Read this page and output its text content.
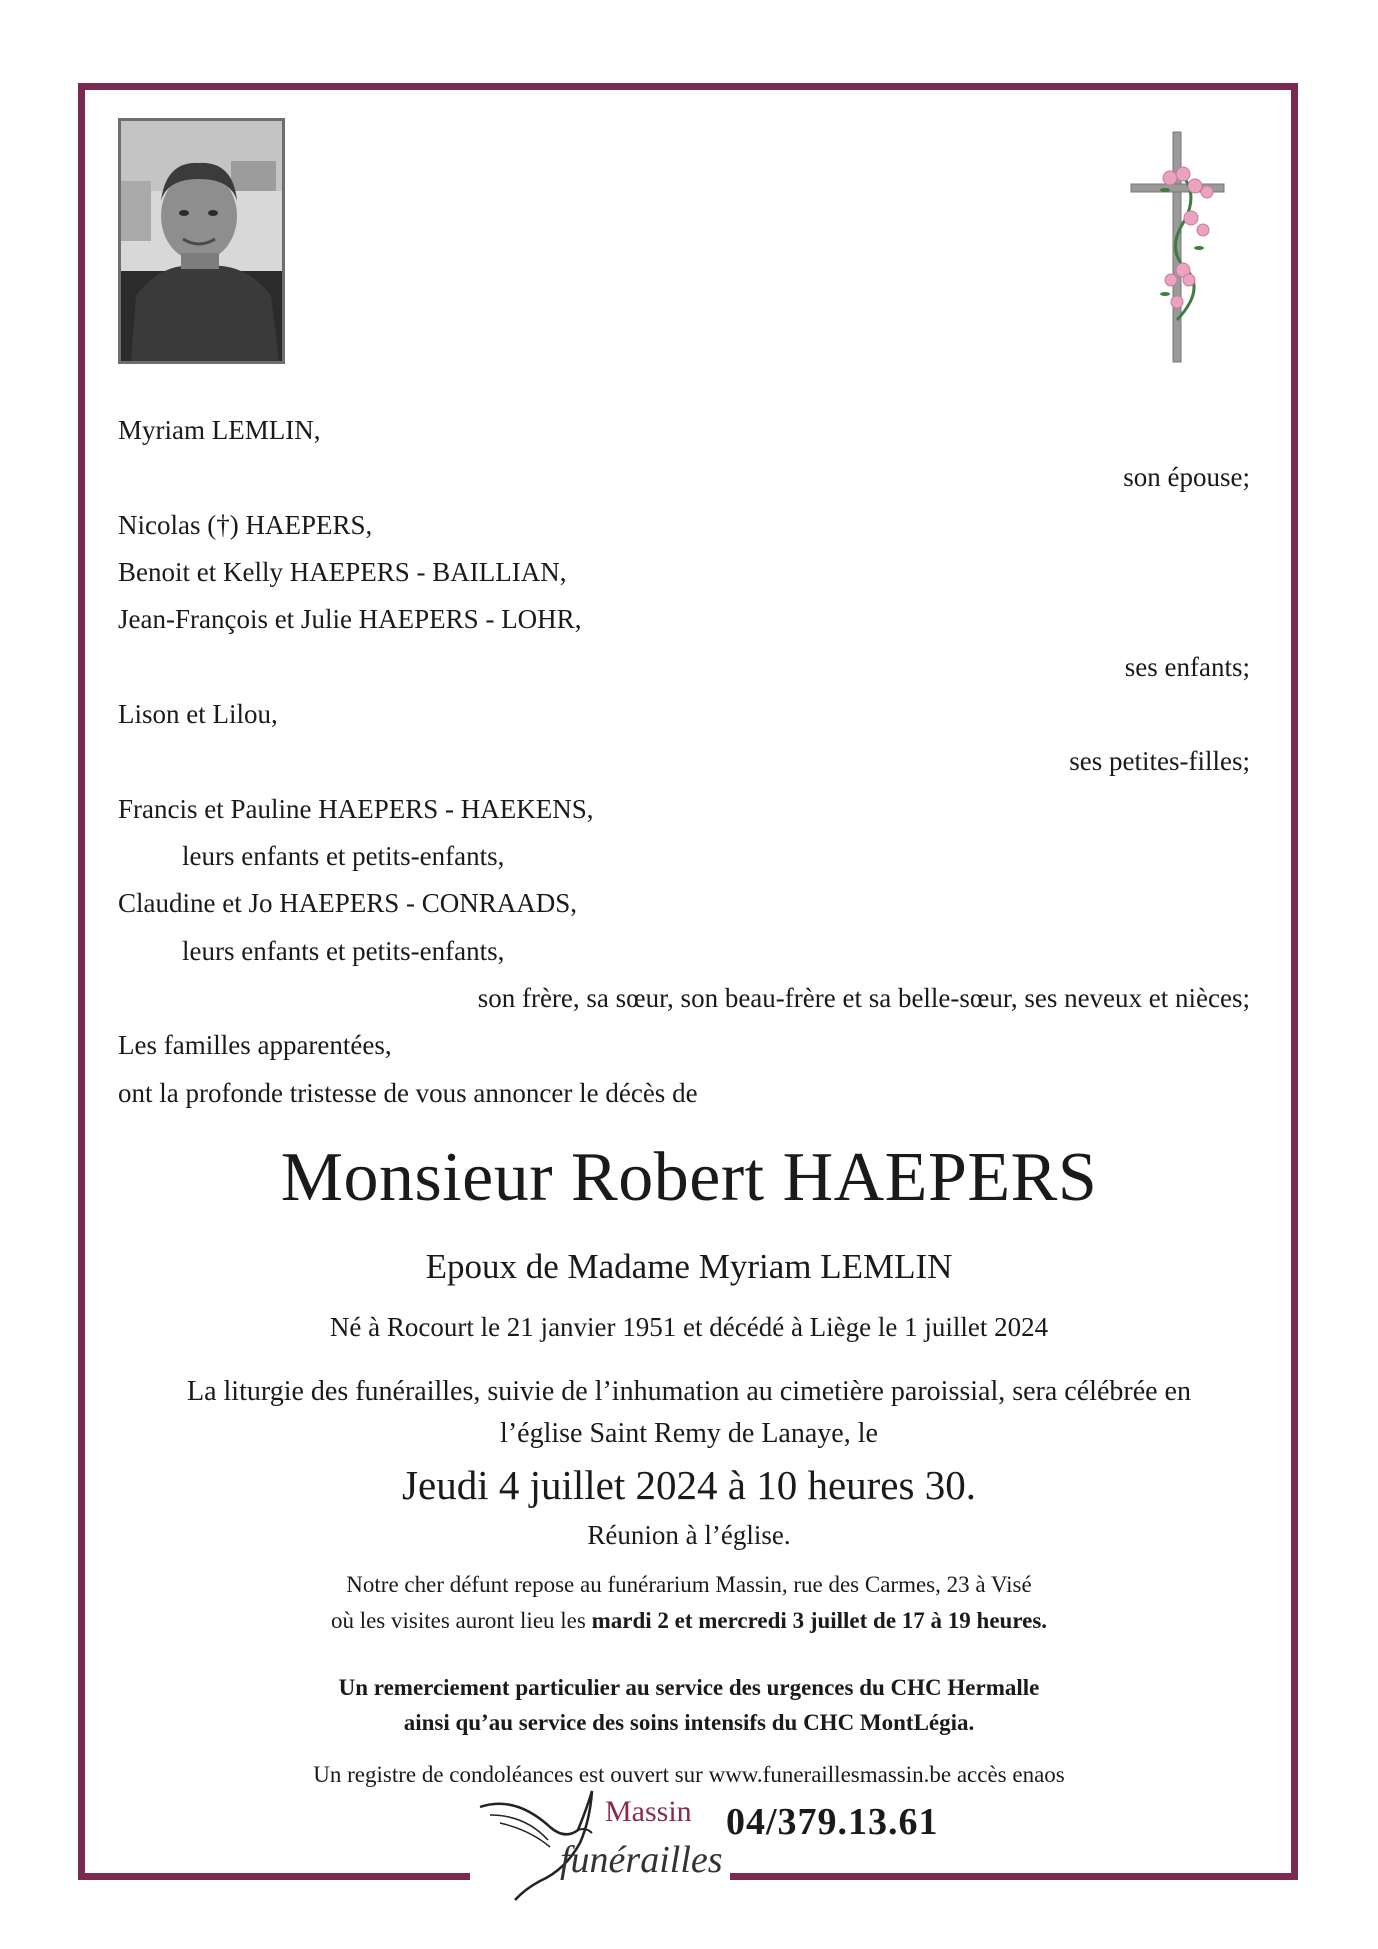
Myriam LEMLIN,
son épouse;
Nicolas (†) HAEPERS,
Benoit et Kelly HAEPERS - BAILLIAN,
Jean-François et Julie HAEPERS - LOHR,
ses enfants;
Lison et Lilou,
ses petites-filles;
Francis et Pauline HAEPERS - HAEKENS,
leurs enfants et petits-enfants,
Claudine et Jo HAEPERS - CONRAADS,
leurs enfants et petits-enfants,
son frère, sa sœur, son beau-frère et sa belle-sœur, ses neveux et nièces;
Les familles apparentées,
ont la profonde tristesse de vous annoncer le décès de
Monsieur Robert HAEPERS
Epoux de Madame Myriam LEMLIN
Né à Rocourt le 21 janvier 1951 et décédé à Liège le 1 juillet 2024
La liturgie des funérailles, suivie de l’inhumation au cimetière paroissial, sera célébrée en
l’église Saint Remy de Lanaye, le
Jeudi 4 juillet 2024 à 10 heures 30.
Réunion à l’église.
Notre cher défunt repose au funérarium Massin, rue des Carmes, 23 à Visé
où les visites auront lieu les mardi 2 et mercredi 3 juillet de 17 à 19 heures.
Un remerciement particulier au service des urgences du CHC Hermalle
ainsi qu’au service des soins intensifs du CHC MontLégia.
Un registre de condoléances est ouvert sur www.funeraillesmassin.be accès enaos
Massin
funérailles
04/379.13.61
